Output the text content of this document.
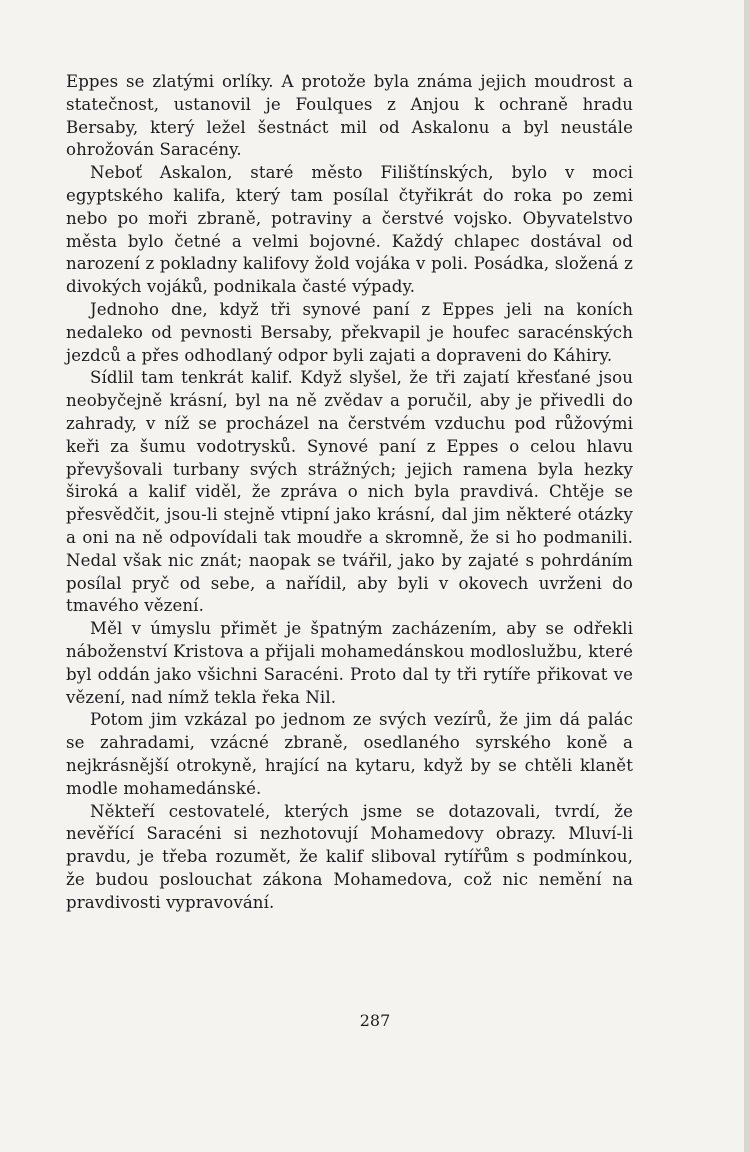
Eppes se zlatými orlíky. A protože byla známa jejich moudrost a statečnost, ustanovil je Foulques z Anjou k ochraně hradu Bersaby, který ležel šestnáct mil od Askalonu a byl neustále ohrožován Saracény.

Neboť Askalon, staré město Filištínských, bylo v moci egyptského kalifa, který tam posílal čtyřikrát do roka po zemi nebo po moři zbraně, potraviny a čerstvé vojsko. Obyvatelstvo města bylo četné a velmi bojovné. Každý chlapec dostával od narození z pokladny kalifovy žold vojáka v poli. Posádka, složená z divokých vojáků, podnikala časté výpady.

Jednoho dne, když tři synové paní z Eppes jeli na koních nedaleko od pevnosti Bersaby, překvapil je houfec saracénských jezdců a přes odhodlaný odpor byli zajati a dopraveni do Káhiry.

Sídlil tam tenkrát kalif. Když slyšel, že tři zajatí křesťané jsou neobyčejně krásní, byl na ně zvědav a poručil, aby je přivedli do zahrady, v níž se procházel na čerstvém vzduchu pod růžovými keři za šumu vodotrysků. Synové paní z Eppes o celou hlavu převyšovali turbany svých strážných; jejich ramena byla hezky široká a kalif viděl, že zpráva o nich byla pravdivá. Chtěje se přesvědčit, jsou-li stejně vtipní jako krásní, dal jim některé otázky a oni na ně odpovídali tak moudře a skromně, že si ho podmanili. Nedal však nic znát; naopak se tvářil, jako by zajaté s pohrdáním posílal pryč od sebe, a nařídil, aby byli v okovech uvrženi do tmavého vězení.

Měl v úmyslu přimět je špatným zacházením, aby se odřekli náboženství Kristova a přijali mohamedánskou modloslužbu, které byl oddán jako všichni Saracéni. Proto dal ty tři rytíře přikovat ve vězení, nad nímž tekla řeka Nil.

Potom jim vzkázal po jednom ze svých vezírů, že jim dá palác se zahradami, vzácné zbraně, osedlaného syrského koně a nejkrásnější otrokyně, hrající na kytaru, když by se chtěli klanět modle mohamedánské.

Někteří cestovatelé, kterých jsme se dotazovali, tvrdí, že nevěřící Saracéni si nezhotovují Mohamedovy obrazy. Mluví-li pravdu, je třeba rozumět, že kalif sliboval rytířům s podmínkou, že budou poslouchat zákona Mohamedova, což nic nemění na pravdivosti vypravování.

287
